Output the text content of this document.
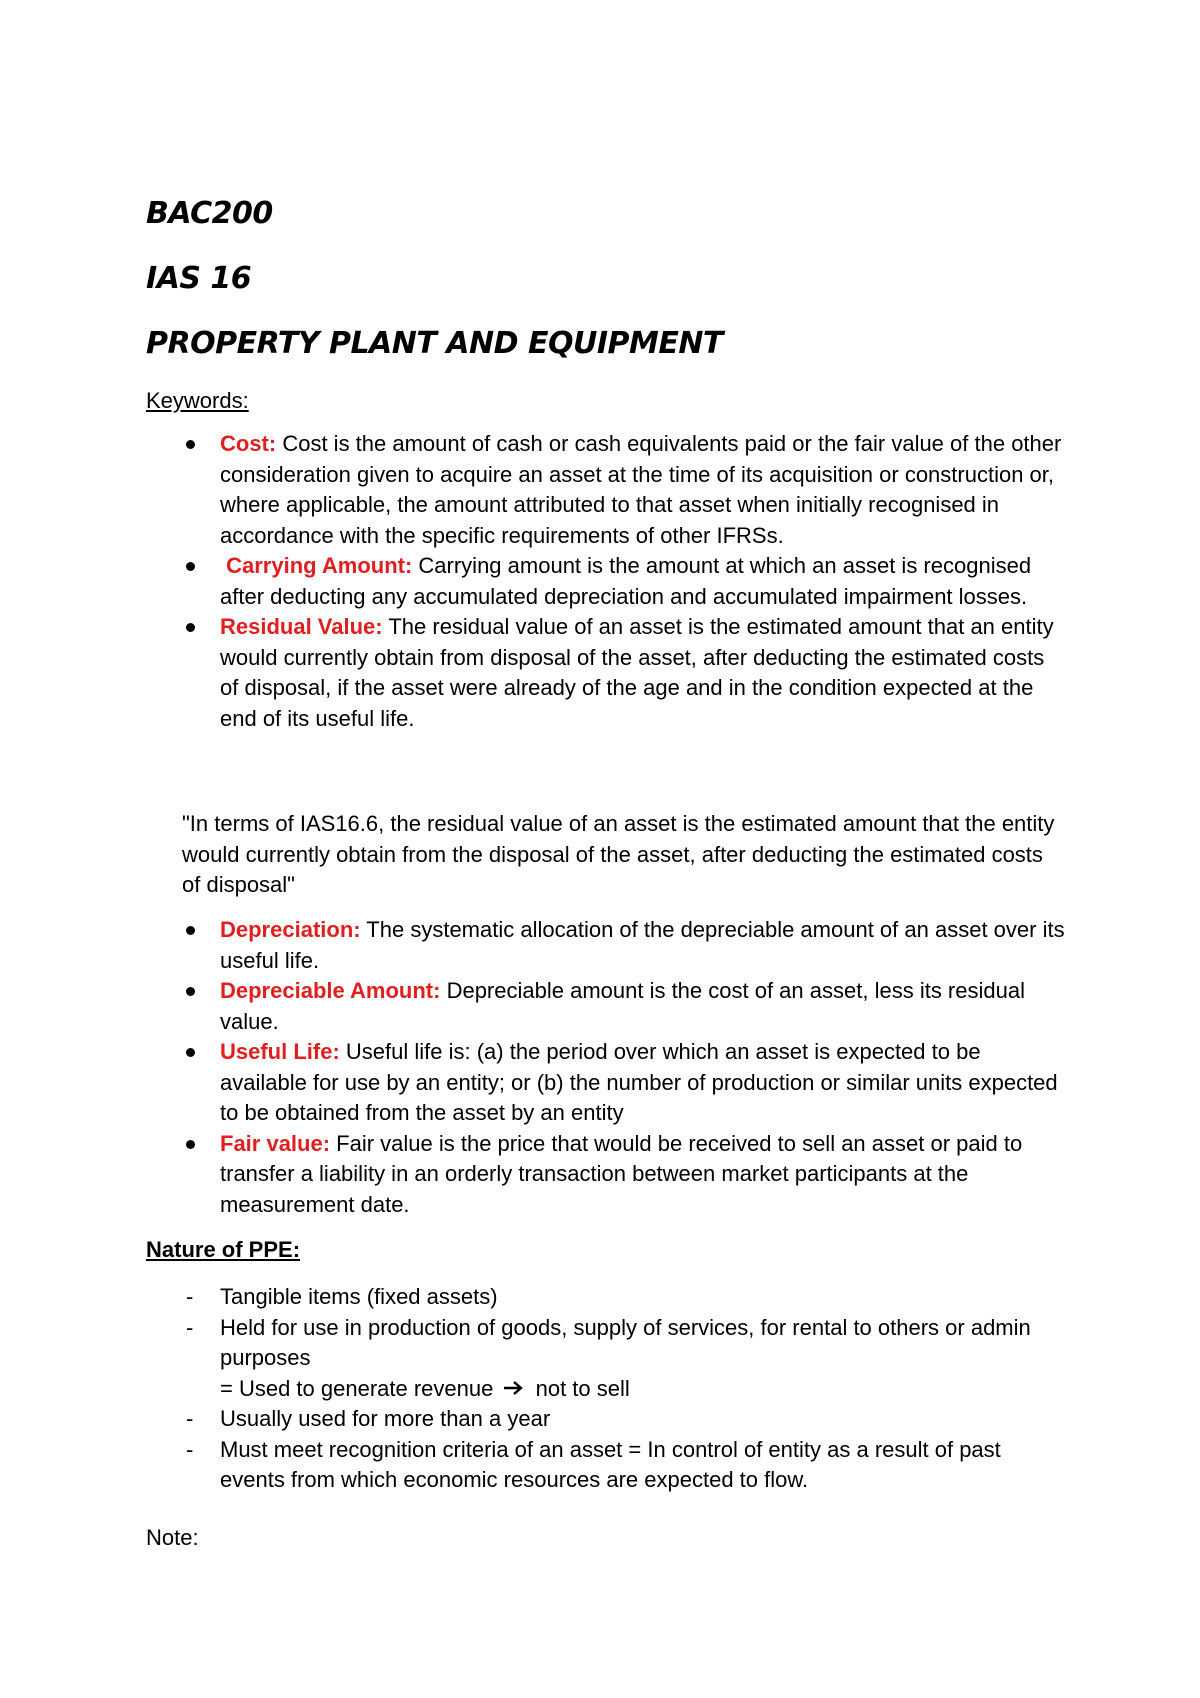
BAC200
IAS 16
PROPERTY PLANT AND EQUIPMENT

Keywords:

Cost: Cost is the amount of cash or cash equivalents paid or the fair value of the other consideration given to acquire an asset at the time of its acquisition or construction or, where applicable, the amount attributed to that asset when initially recognised in accordance with the specific requirements of other IFRSs.
Carrying Amount: Carrying amount is the amount at which an asset is recognised after deducting any accumulated depreciation and accumulated impairment losses.
Residual Value: The residual value of an asset is the estimated amount that an entity would currently obtain from disposal of the asset, after deducting the estimated costs of disposal, if the asset were already of the age and in the condition expected at the end of its useful life.

"In terms of IAS16.6, the residual value of an asset is the estimated amount that the entity would currently obtain from the disposal of the asset, after deducting the estimated costs of disposal"

Depreciation: The systematic allocation of the depreciable amount of an asset over its useful life.
Depreciable Amount: Depreciable amount is the cost of an asset, less its residual value.
Useful Life: Useful life is: (a) the period over which an asset is expected to be available for use by an entity; or (b) the number of production or similar units expected to be obtained from the asset by an entity
Fair value: Fair value is the price that would be received to sell an asset or paid to transfer a liability in an orderly transaction between market participants at the measurement date.

Nature of PPE:

- Tangible items (fixed assets)
- Held for use in production of goods, supply of services, for rental to others or admin purposes
= Used to generate revenue not to sell
- Usually used for more than a year
- Must meet recognition criteria of an asset = In control of entity as a result of past events from which economic resources are expected to flow.

Note:
